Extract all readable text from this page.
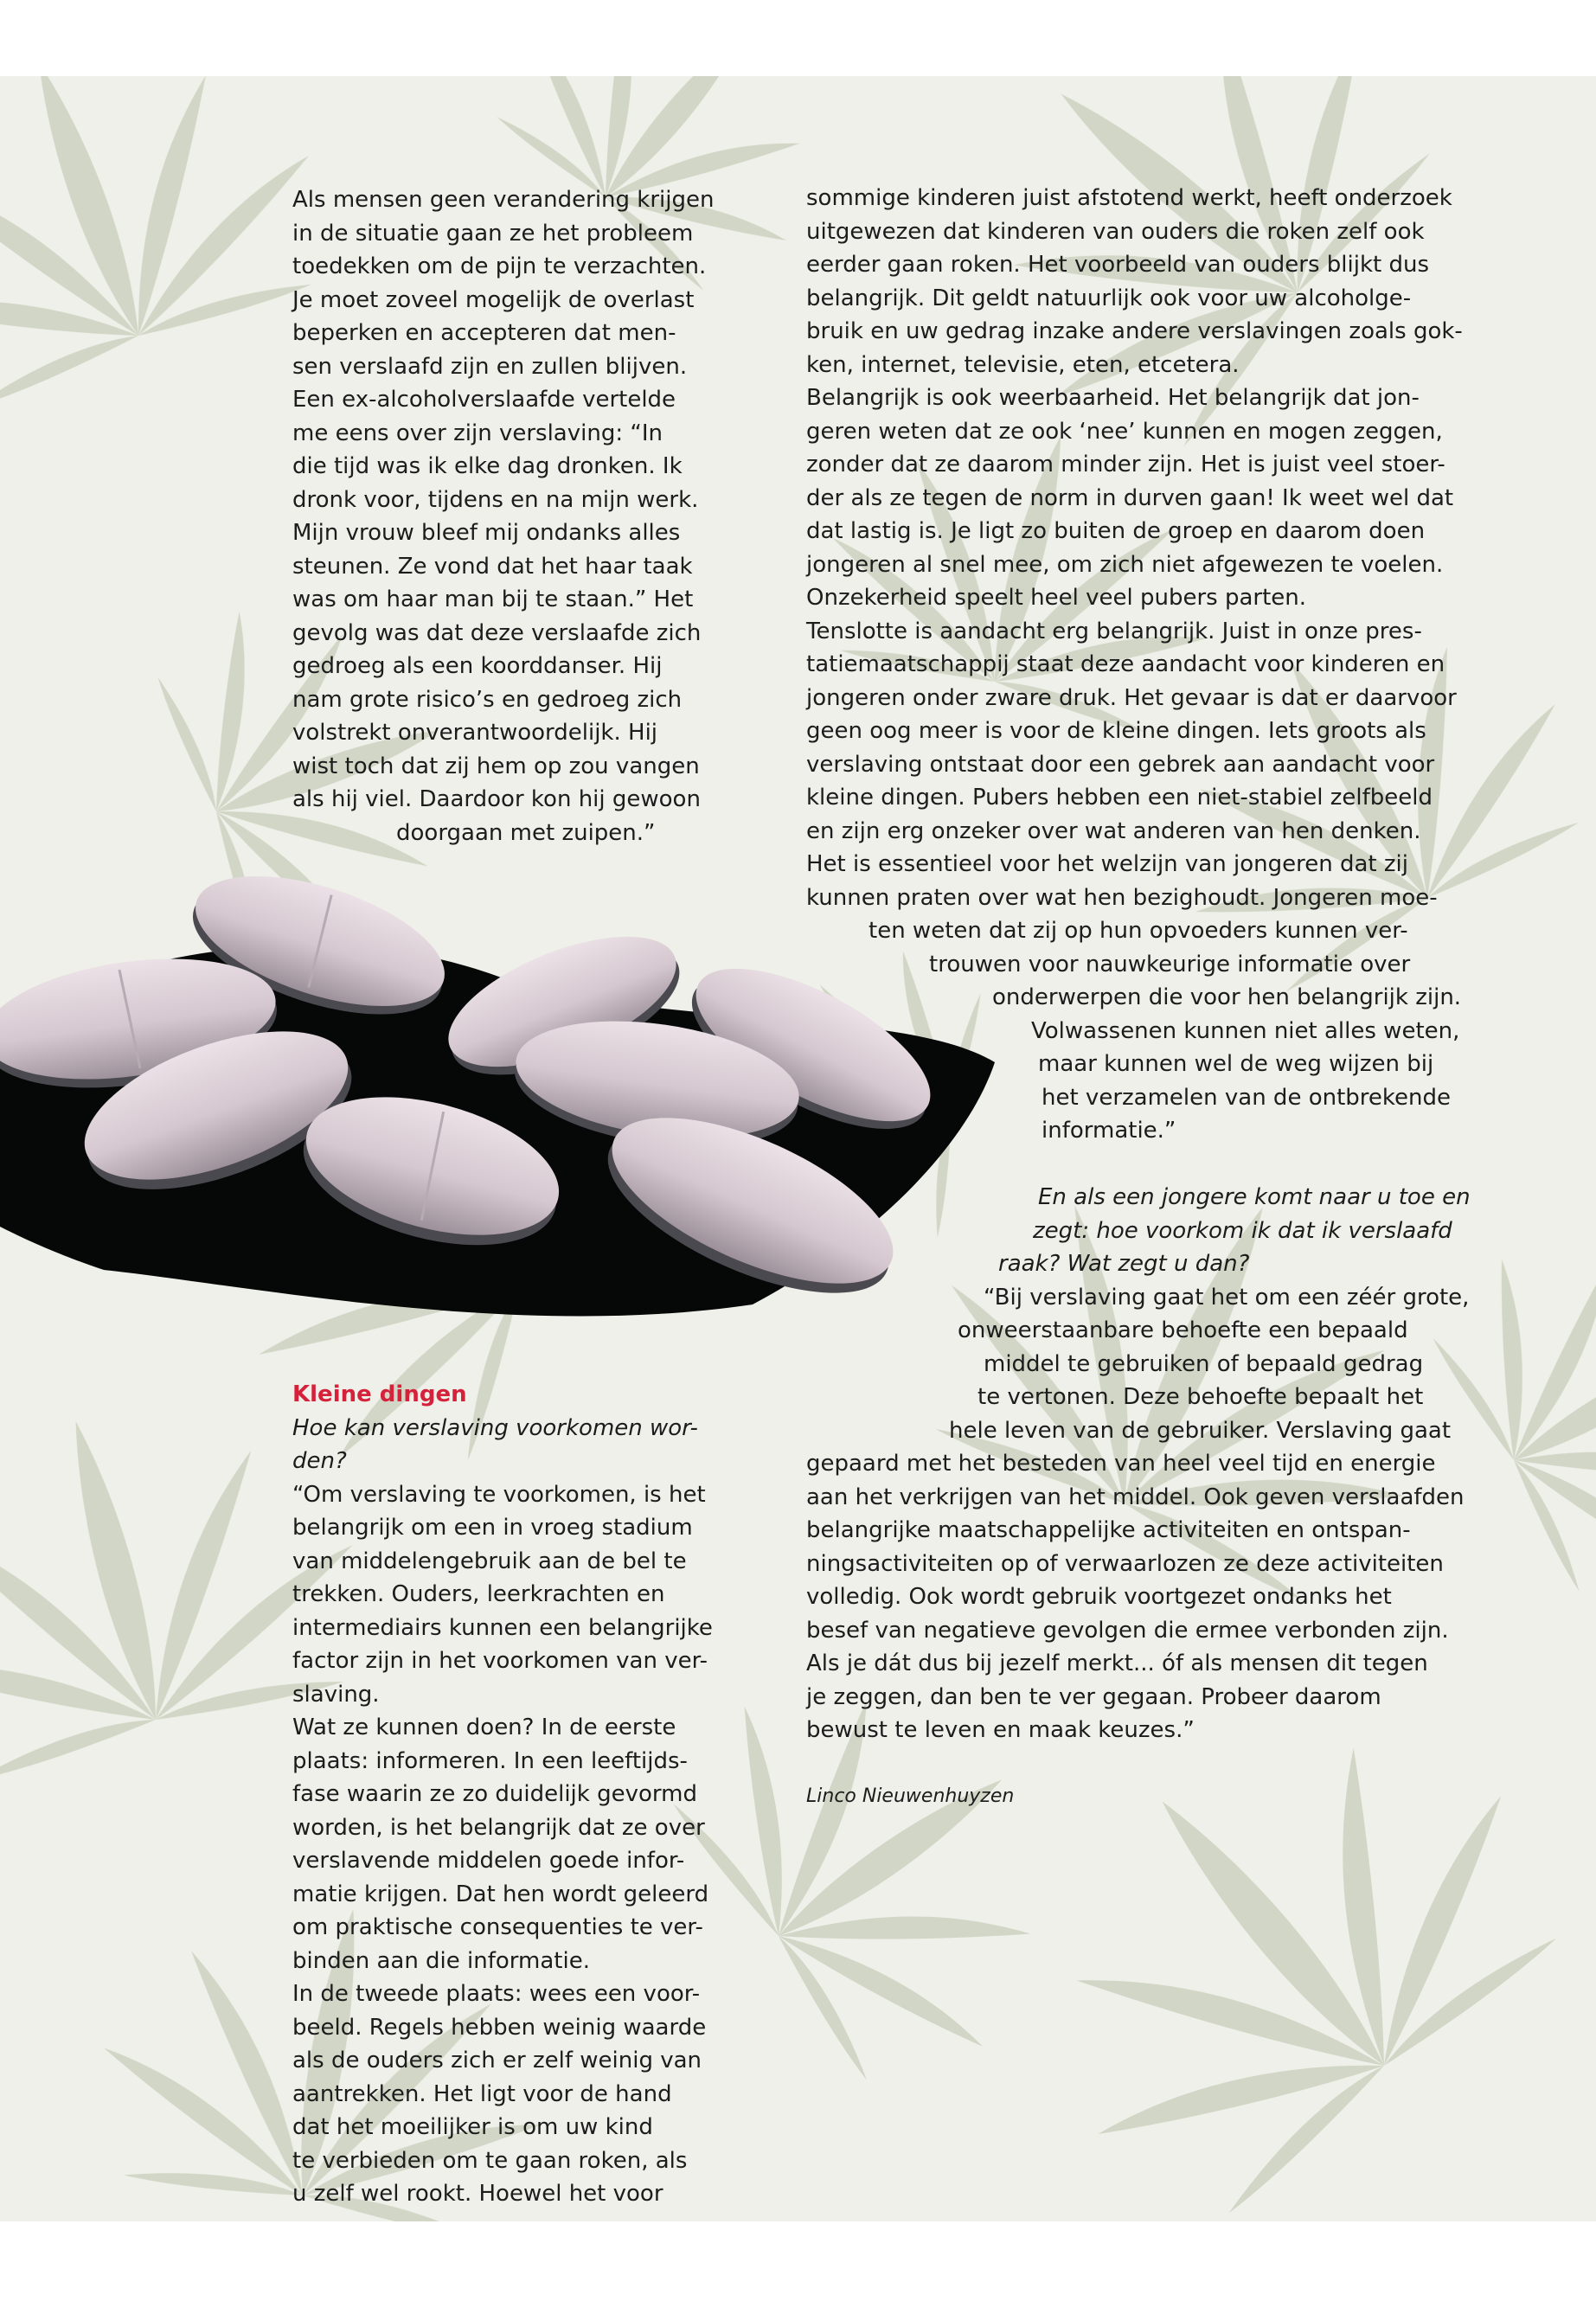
Als mensen geen verandering krijgen
in de situatie gaan ze het probleem
toedekken om de pijn te verzachten.
Je moet zoveel mogelijk de overlast
beperken en accepteren dat men-
sen verslaafd zijn en zullen blijven.
Een ex-alcoholverslaafde vertelde
me eens over zijn verslaving: “In
die tijd was ik elke dag dronken. Ik
dronk voor, tijdens en na mijn werk.
Mijn vrouw bleef mij ondanks alles
steunen. Ze vond dat het haar taak
was om haar man bij te staan.” Het
gevolg was dat deze verslaafde zich
gedroeg als een koorddanser. Hij
nam grote risico’s en gedroeg zich
volstrekt onverantwoordelijk. Hij
wist toch dat zij hem op zou vangen
als hij viel. Daardoor kon hij gewoon
doorgaan met zuipen.”
sommige kinderen juist afstotend werkt, heeft onderzoek
uitgewezen dat kinderen van ouders die roken zelf ook
eerder gaan roken. Het voorbeeld van ouders blijkt dus
belangrijk. Dit geldt natuurlijk ook voor uw alcoholge-
bruik en uw gedrag inzake andere verslavingen zoals gok-
ken, internet, televisie, eten, etcetera.
Belangrijk is ook weerbaarheid. Het belangrijk dat jon-
geren weten dat ze ook ‘nee’ kunnen en mogen zeggen,
zonder dat ze daarom minder zijn. Het is juist veel stoer-
der als ze tegen de norm in durven gaan! Ik weet wel dat
dat lastig is. Je ligt zo buiten de groep en daarom doen
jongeren al snel mee, om zich niet afgewezen te voelen.
Onzekerheid speelt heel veel pubers parten.
Tenslotte is aandacht erg belangrijk. Juist in onze pres-
tatiemaatschappij staat deze aandacht voor kinderen en
jongeren onder zware druk. Het gevaar is dat er daarvoor
geen oog meer is voor de kleine dingen. Iets groots als
verslaving ontstaat door een gebrek aan aandacht voor
kleine dingen. Pubers hebben een niet-stabiel zelfbeeld
en zijn erg onzeker over wat anderen van hen denken.
Het is essentieel voor het welzijn van jongeren dat zij
kunnen praten over wat hen bezighoudt. Jongeren moe-
ten weten dat zij op hun opvoeders kunnen ver-
trouwen voor nauwkeurige informatie over
onderwerpen die voor hen belangrijk zijn.
Volwassenen kunnen niet alles weten,
maar kunnen wel de weg wijzen bij
het verzamelen van de ontbrekende
informatie.”

En als een jongere komt naar u toe en
zegt: hoe voorkom ik dat ik verslaafd
raak? Wat zegt u dan?
“Bij verslaving gaat het om een zéér grote,
onweerstaanbare behoefte een bepaald
middel te gebruiken of bepaald gedrag
te vertonen. Deze behoefte bepaalt het
hele leven van de gebruiker. Verslaving gaat
gepaard met het besteden van heel veel tijd en energie
aan het verkrijgen van het middel. Ook geven verslaafden
belangrijke maatschappelijke activiteiten en ontspan-
ningsactiviteiten op of verwaarlozen ze deze activiteiten
volledig. Ook wordt gebruik voortgezet ondanks het
besef van negatieve gevolgen die ermee verbonden zijn.
Als je dát dus bij jezelf merkt... óf als mensen dit tegen
je zeggen, dan ben te ver gegaan. Probeer daarom
bewust te leven en maak keuzes.”
Linco Nieuwenhuyzen
Kleine dingen
Hoe kan verslaving voorkomen wor-
den?
“Om verslaving te voorkomen, is het
belangrijk om een in vroeg stadium
van middelengebruik aan de bel te
trekken. Ouders, leerkrachten en
intermediairs kunnen een belangrijke
factor zijn in het voorkomen van ver-
slaving.
Wat ze kunnen doen? In de eerste
plaats: informeren. In een leeftijds-
fase waarin ze zo duidelijk gevormd
worden, is het belangrijk dat ze over
verslavende middelen goede infor-
matie krijgen. Dat hen wordt geleerd
om praktische consequenties te ver-
binden aan die informatie.
In de tweede plaats: wees een voor-
beeld. Regels hebben weinig waarde
als de ouders zich er zelf weinig van
aantrekken. Het ligt voor de hand
dat het moeilijker is om uw kind
te verbieden om te gaan roken, als
u zelf wel rookt. Hoewel het voor
